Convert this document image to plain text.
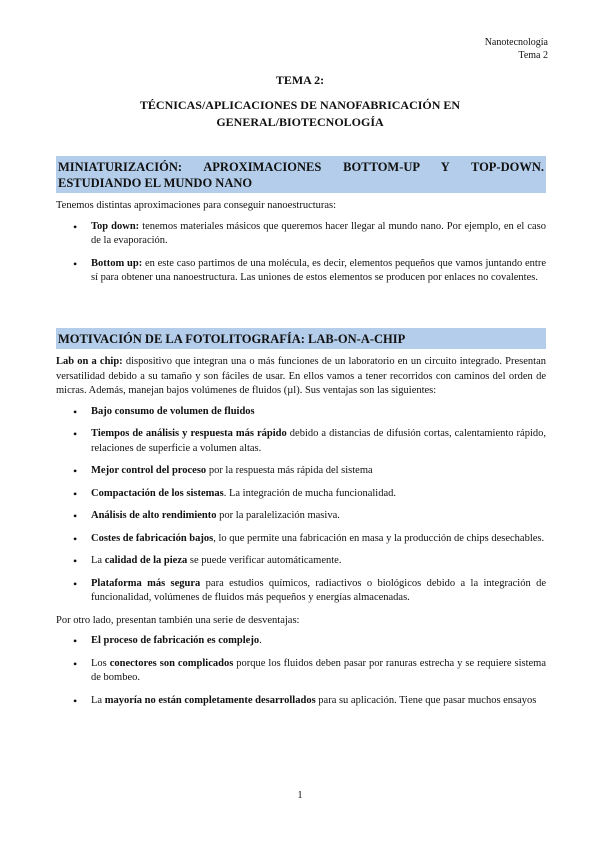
Nanotecnología
Tema 2
TEMA 2:
TÉCNICAS/APLICACIONES DE NANOFABRICACIÓN EN GENERAL/BIOTECNOLOGÍA
MINIATURIZACIÓN: APROXIMACIONES BOTTOM-UP Y TOP-DOWN. ESTUDIANDO EL MUNDO NANO

Tenemos distintas aproximaciones para conseguir nanoestructuras:

• Top down: tenemos materiales másicos que queremos hacer llegar al mundo nano. Por ejemplo, en el caso de la evaporación.
• Bottom up: en este caso partimos de una molécula, es decir, elementos pequeños que vamos juntando entre sí para obtener una nanoestructura. Las uniones de estos elementos se producen por enlaces no covalentes.
MOTIVACIÓN DE LA FOTOLITOGRAFÍA: LAB-ON-A-CHIP

Lab on a chip: dispositivo que integran una o más funciones de un laboratorio en un circuito integrado. Presentan versatilidad debido a su tamaño y son fáciles de usar. En ellos vamos a tener recorridos con caminos del orden de micras. Además, manejan bajos volúmenes de fluidos (µl). Sus ventajas son las siguientes:

• Bajo consumo de volumen de fluidos
• Tiempos de análisis y respuesta más rápido debido a distancias de difusión cortas, calentamiento rápido, relaciones de superficie a volumen altas.
• Mejor control del proceso por la respuesta más rápida del sistema
• Compactación de los sistemas. La integración de mucha funcionalidad.
• Análisis de alto rendimiento por la paralelización masiva.
• Costes de fabricación bajos, lo que permite una fabricación en masa y la producción de chips desechables.
• La calidad de la pieza se puede verificar automáticamente.
• Plataforma más segura para estudios químicos, radiactivos o biológicos debido a la integración de funcionalidad, volúmenes de fluidos más pequeños y energías almacenadas.

Por otro lado, presentan también una serie de desventajas:

• El proceso de fabricación es complejo.
• Los conectores son complicados porque los fluidos deben pasar por ranuras estrecha y se requiere sistema de bombeo.
• La mayoría no están completamente desarrollados para su aplicación. Tiene que pasar muchos ensayos
1
